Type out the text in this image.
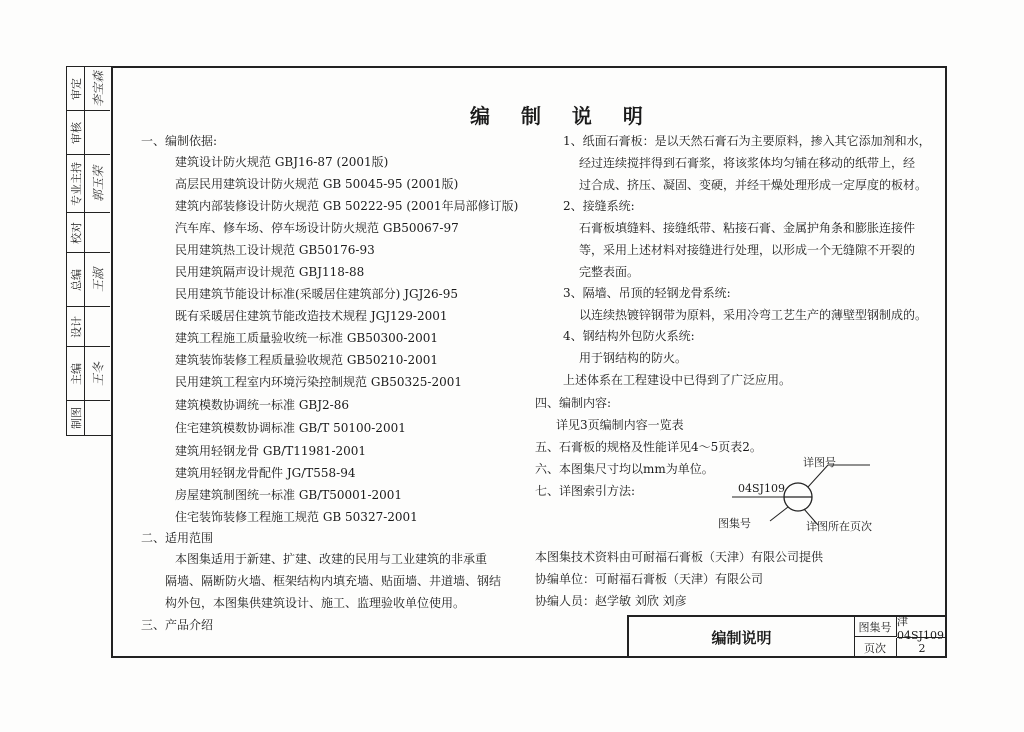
审定 李宝森
审核
专业主持 郭玉荣
校对
总编 王淑
设计
主编 王冬
制图
编 制 说 明
一、编制依据:
建筑设计防火规范 GBJ16-87 (2001版)
高层民用建筑设计防火规范 GB 50045-95 (2001版)
建筑内部装修设计防火规范 GB 50222-95 (2001年局部修订版)
汽车库、修车场、停车场设计防火规范 GB50067-97
民用建筑热工设计规范 GB50176-93
民用建筑隔声设计规范 GBJ118-88
民用建筑节能设计标准(采暖居住建筑部分) JGJ26-95
既有采暖居住建筑节能改造技术规程 JGJ129-2001
建筑工程施工质量验收统一标准 GB50300-2001
建筑装饰装修工程质量验收规范 GB50210-2001
民用建筑工程室内环境污染控制规范 GB50325-2001
建筑模数协调统一标准 GBJ2-86
住宅建筑模数协调标准 GB/T 50100-2001
建筑用轻钢龙骨 GB/T11981-2001
建筑用轻钢龙骨配件 JG/T558-94
房屋建筑制图统一标准 GB/T50001-2001
住宅装饰装修工程施工规范 GB 50327-2001
二、适用范围
本图集适用于新建、扩建、改建的民用与工业建筑的非承重
隔墙、隔断防火墙、框架结构内填充墙、贴面墙、井道墙、钢结
构外包，本图集供建筑设计、施工、监理验收单位使用。
三、产品介绍
1、纸面石膏板：是以天然石膏石为主要原料，掺入其它添加剂和水，
经过连续搅拌得到石膏浆，将该浆体均匀铺在移动的纸带上，经
过合成、挤压、凝固、变硬，并经干燥处理形成一定厚度的板材。
2、接缝系统:
石膏板填缝料、接缝纸带、粘接石膏、金属护角条和膨胀连接件
等，采用上述材料对接缝进行处理，以形成一个无缝隙不开裂的
完整表面。
3、隔墙、吊顶的轻钢龙骨系统:
以连续热镀锌钢带为原料，采用冷弯工艺生产的薄壁型钢制成的。
4、钢结构外包防火系统:
用于钢结构的防火。
上述体系在工程建设中已得到了广泛应用。
四、编制内容:
详见3页编制内容一览表
五、石膏板的规格及性能详见4～5页表2。
六、本图集尺寸均以mm为单位。
七、详图索引方法:	04SJ109
详图号
图集号	详图所在页次
本图集技术资料由可耐福石膏板（天津）有限公司提供
协编单位：可耐福石膏板（天津）有限公司
协编人员：赵学敏 刘欣 刘彦
编制说明
图集号 津04SJ109
页次	2
